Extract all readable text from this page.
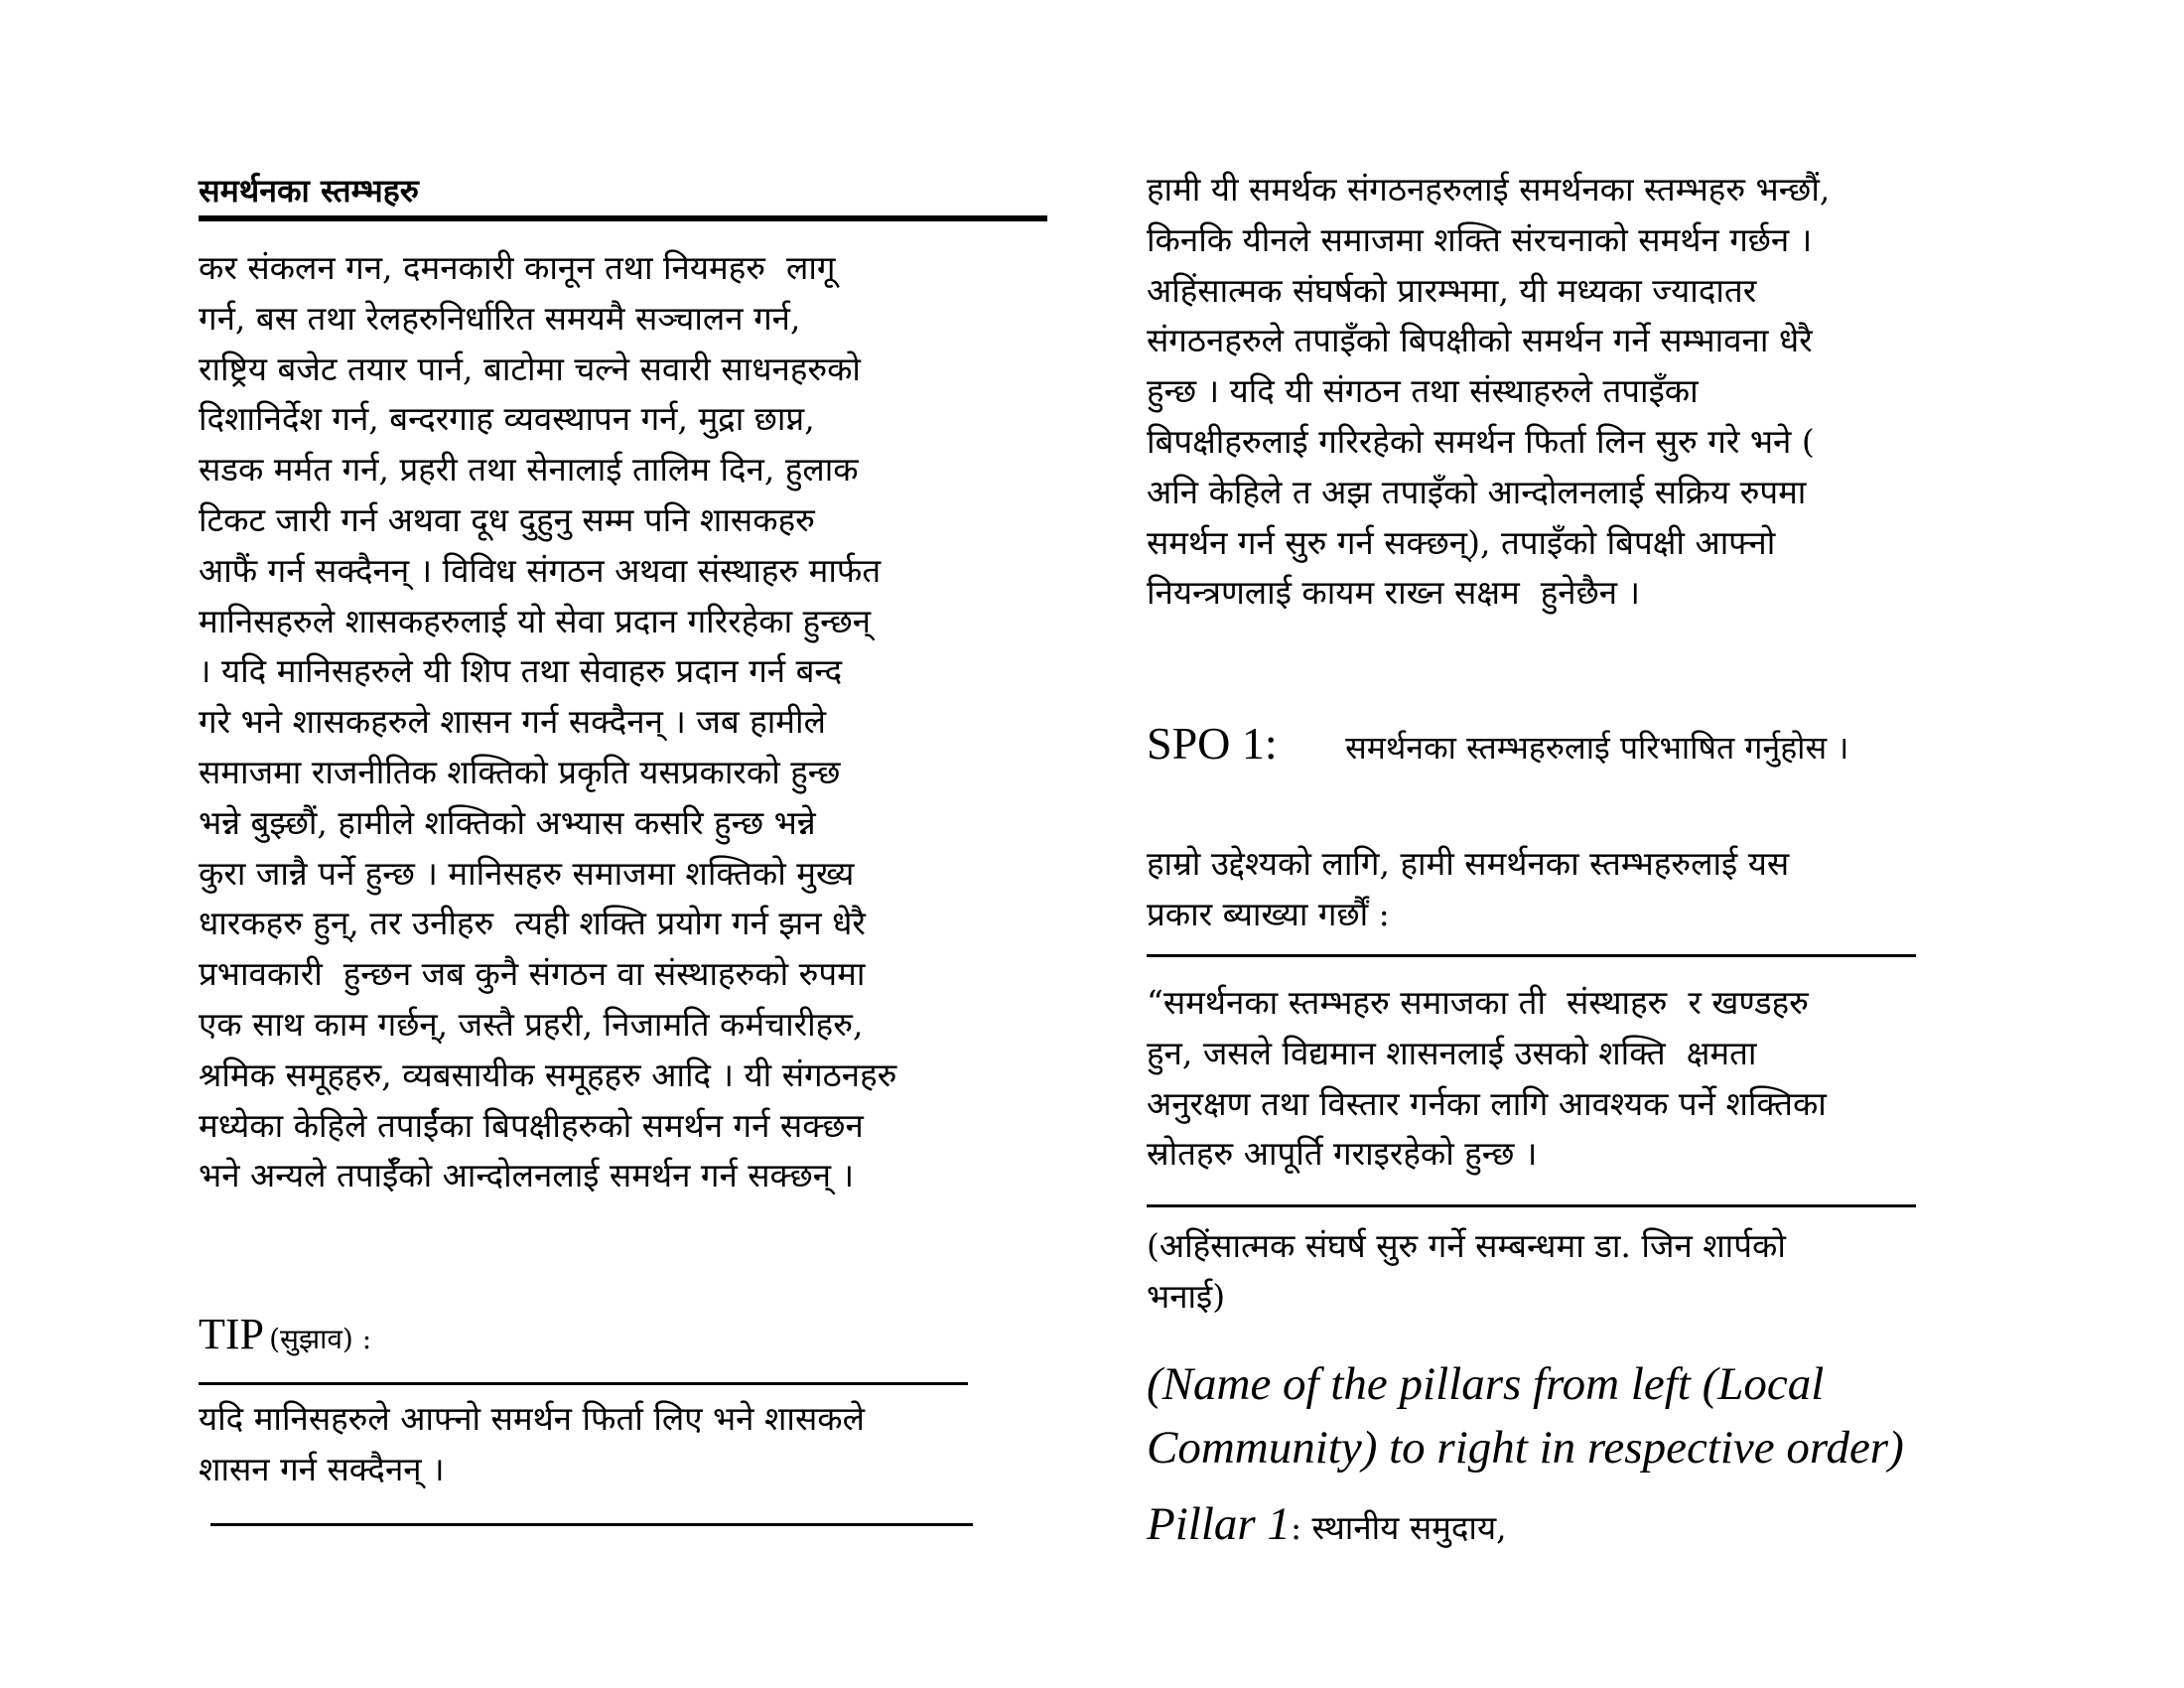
समर्थनका स्तम्भहरु
कर संकलन गन, दमनकारी कानून तथा नियमहरु  लागू
गर्न, बस तथा रेलहरुनिर्धारित समयमै सञ्चालन गर्न,
राष्ट्रिय बजेट तयार पार्न, बाटोमा चल्ने सवारी साधनहरुको
दिशानिर्देश गर्न, बन्दरगाह व्यवस्थापन गर्न, मुद्रा छाप्न,
सडक मर्मत गर्न, प्रहरी तथा सेनालाई तालिम दिन, हुलाक
टिकट जारी गर्न अथवा दूध दुहुनु सम्म पनि शासकहरु
आफैं गर्न सक्दैनन् । विविध संगठन अथवा संस्थाहरु मार्फत
मानिसहरुले शासकहरुलाई यो सेवा प्रदान गरिरहेका हुन्छन्
। यदि मानिसहरुले यी शिप तथा सेवाहरु प्रदान गर्न बन्द
गरे भने शासकहरुले शासन गर्न सक्दैनन् । जब हामीले
समाजमा राजनीतिक शक्तिको प्रकृति यसप्रकारको हुन्छ
भन्ने बुझ्छौं, हामीले शक्तिको अभ्यास कसरि हुन्छ भन्ने
कुरा जान्नै पर्ने हुन्छ । मानिसहरु समाजमा शक्तिको मुख्य
धारकहरु हुन्, तर उनीहरु  त्यही शक्ति प्रयोग गर्न झन धेरै
प्रभावकारी  हुन्छन जब कुनै संगठन वा संस्थाहरुको रुपमा
एक साथ काम गर्छन्, जस्तै प्रहरी, निजामति कर्मचारीहरु,
श्रमिक समूहहरु, व्यबसायीक समूहहरु आदि । यी संगठनहरु
मध्येका केहिले तपाईंका बिपक्षीहरुको समर्थन गर्न सक्छन
भने अन्यले तपाईँको आन्दोलनलाई समर्थन गर्न सक्छन् ।
TIP (सुझाव) :
यदि मानिसहरुले आफ्नो समर्थन फिर्ता लिए भने शासकले
शासन गर्न सक्दैनन् ।
हामी यी समर्थक संगठनहरुलाई समर्थनका स्तम्भहरु भन्छौं,
किनकि यीनले समाजमा शक्ति संरचनाको समर्थन गर्छन ।
अहिंसात्मक संघर्षको प्रारम्भमा, यी मध्यका ज्यादातर
संगठनहरुले तपाइँको बिपक्षीको समर्थन गर्ने सम्भावना धेरै
हुन्छ । यदि यी संगठन तथा संस्थाहरुले तपाइँका
बिपक्षीहरुलाई गरिरहेको समर्थन फिर्ता लिन सुरु गरे भने (
अनि केहिले त अझ तपाइँको आन्दोलनलाई सक्रिय रुपमा
समर्थन गर्न सुरु गर्न सक्छन्), तपाइँको बिपक्षी आफ्नो
नियन्त्रणलाई कायम राख्न सक्षम  हुनेछैन ।
SPO 1: समर्थनका स्तम्भहरुलाई परिभाषित गर्नुहोस ।
हाम्रो उद्देश्यको लागि, हामी समर्थनका स्तम्भहरुलाई यस
प्रकार ब्याख्या गर्छौं :
“समर्थनका स्तम्भहरु समाजका ती  संस्थाहरु  र खण्डहरु
हुन, जसले विद्यमान शासनलाई उसको शक्ति  क्षमता
अनुरक्षण तथा विस्तार गर्नका लागि आवश्यक पर्ने शक्तिका
स्रोतहरु आपूर्ति गराइरहेको हुन्छ ।
(अहिंसात्मक संघर्ष सुरु गर्ने सम्बन्धमा डा. जिन शार्पको
भनाई)
(Name of the pillars from left (Local
Community) to right in respective order)
Pillar 1: स्थानीय समुदाय,
